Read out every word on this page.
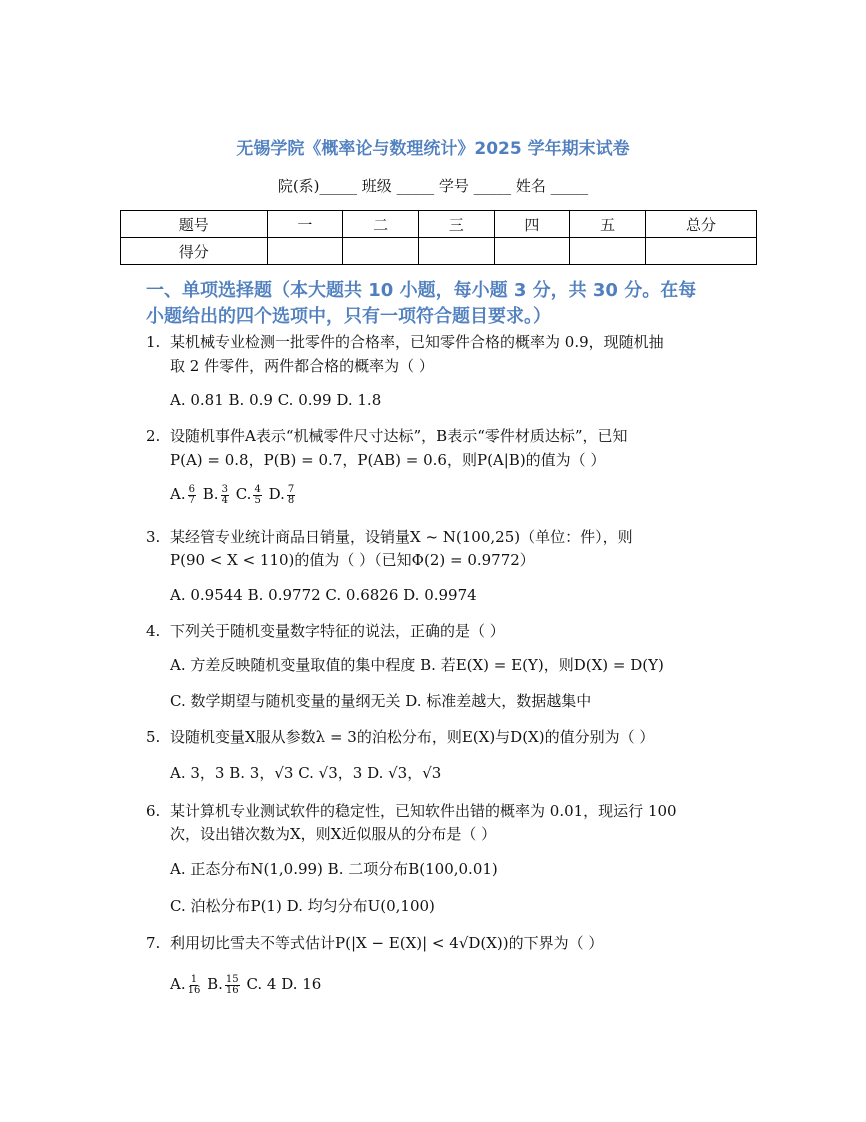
无锡学院《概率论与数理统计》2025 学年期末试卷
院(系)_____ 班级 _____ 学号 _____ 姓名 _____
题号	一	二	三	四	五	总分
得分						
一、单项选择题（本大题共 10 小题，每小题 3 分，共 30 分。在每
小题给出的四个选项中，只有一项符合题目要求。）
1. 某机械专业检测一批零件的合格率，已知零件合格的概率为 0.9，现随机抽
取 2 件零件，两件都合格的概率为（ ）
A. 0.81 B. 0.9 C. 0.99 D. 1.8
2. 设随机事件A表示“机械零件尺寸达标”，B表示“零件材质达标”，已知
P(A) = 0.8，P(B) = 0.7，P(AB) = 0.6，则P(A|B)的值为（ ）
A. $\frac{6}{7} B$. $\frac{3}{4} C$. $\frac{4}{5} D$. $\frac{7}{8}$
3. 某经管专业统计商品日销量，设销量X ~ N(100,25)（单位：件），则
P(90 < X < 110)的值为（ ）（已知Φ(2) = 0.9772）
A. 0.9544 B. 0.9772 C. 0.6826 D. 0.9974
4. 下列关于随机变量数字特征的说法，正确的是（ ）
A. 方差反映随机变量取值的集中程度 B. 若E(X) = E(Y)，则D(X) = D(Y)
C. 数学期望与随机变量的量纲无关 D. 标准差越大，数据越集中
5. 设随机变量X服从参数λ = 3的泊松分布，则E(X)与D(X)的值分别为（ ）
A. 3，3 B. 3，√3 C. √3，3 D. √3，√3
6. 某计算机专业测试软件的稳定性，已知软件出错的概率为 0.01，现运行 100
次，设出错次数为X，则X近似服从的分布是（ ）
A. 正态分布N(1,0.99) B. 二项分布B(100,0.01)
C. 泊松分布P(1) D. 均匀分布U(0,100)
7. 利用切比雪夫不等式估计P(|X − E(X)| < 4√D(X))的下界为（ ）
A. $\frac{1}{16} B$. $\frac{15}{16} C$. 4 D. 16
